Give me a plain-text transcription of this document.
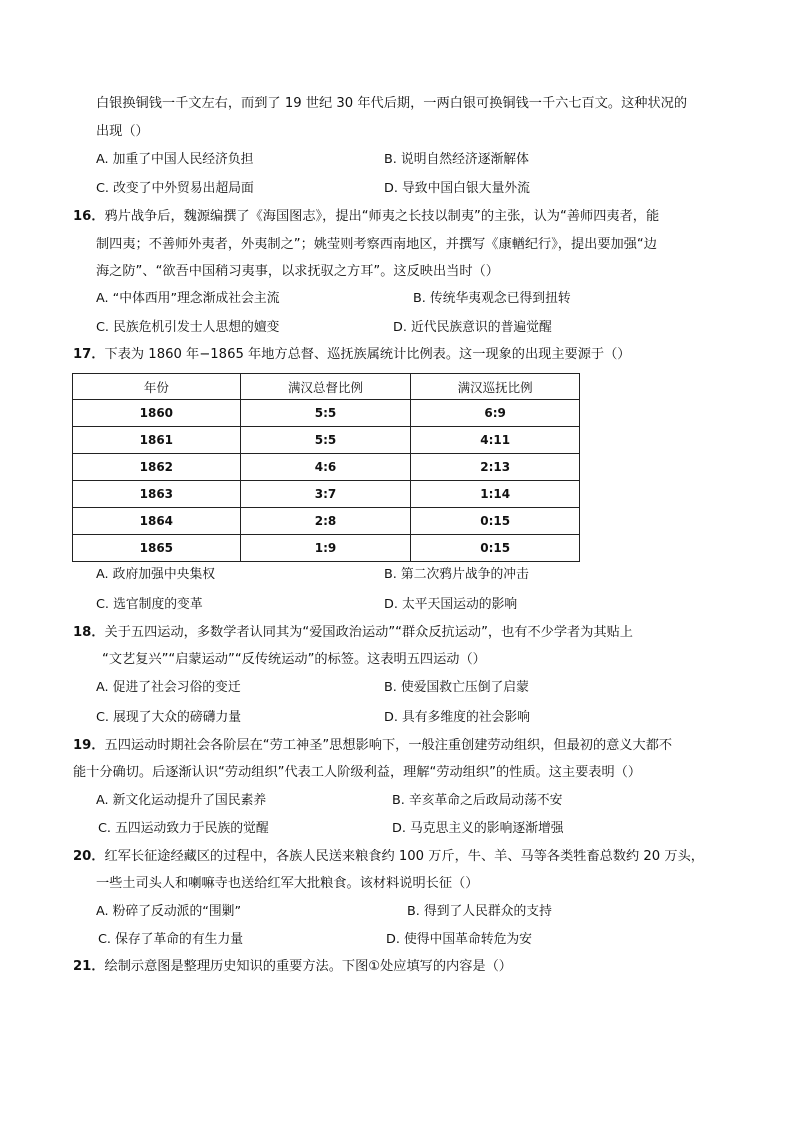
白银换铜钱一千文左右，而到了 19 世纪 30 年代后期，一两白银可换铜钱一千六七百文。这种状况的
出现（）
A. 加重了中国人民经济负担	B. 说明自然经济逐渐解体
C. 改变了中外贸易出超局面	D. 导致中国白银大量外流
16．鸦片战争后，魏源编撰了《海国图志》，提出“师夷之长技以制夷”的主张，认为“善师四夷者，能
制四夷；不善师外夷者，外夷制之”；姚莹则考察西南地区，并撰写《康輶纪行》，提出要加强“边
海之防”、“欲吾中国稍习夷事，以求抚驭之方耳”。这反映出当时（）
A. “中体西用”理念渐成社会主流	B. 传统华夷观念已得到扭转
C. 民族危机引发士人思想的嬗变	D. 近代民族意识的普遍觉醒
17．下表为 1860 年−1865 年地方总督、巡抚族属统计比例表。这一现象的出现主要源于（）
年份	满汉总督比例	满汉巡抚比例
1860	5:5	6:9
1861	5:5	4:11
1862	4:6	2:13
1863	3:7	1:14
1864	2:8	0:15
1865	1:9	0:15
A. 政府加强中央集权	B. 第二次鸦片战争的冲击
C. 选官制度的变革	D. 太平天国运动的影响
18．关于五四运动，多数学者认同其为“爱国政治运动”“群众反抗运动”，也有不少学者为其贴上
“文艺复兴”“启蒙运动”“反传统运动”的标签。这表明五四运动（）
A. 促进了社会习俗的变迁	B. 使爱国救亡压倒了启蒙
C. 展现了大众的磅礴力量	D. 具有多维度的社会影响
19．五四运动时期社会各阶层在“劳工神圣”思想影响下，一般注重创建劳动组织，但最初的意义大都不
能十分确切。后逐渐认识“劳动组织”代表工人阶级利益，理解“劳动组织”的性质。这主要表明（）
A. 新文化运动提升了国民素养	B. 辛亥革命之后政局动荡不安
C. 五四运动致力于民族的觉醒	D. 马克思主义的影响逐渐增强
20．红军长征途经藏区的过程中，各族人民送来粮食约 100 万斤，牛、羊、马等各类牲畜总数约 20 万头，
一些土司头人和喇嘛寺也送给红军大批粮食。该材料说明长征（）
A. 粉碎了反动派的“围剿”	B. 得到了人民群众的支持
C. 保存了革命的有生力量	D. 使得中国革命转危为安
21．绘制示意图是整理历史知识的重要方法。下图①处应填写的内容是（）
